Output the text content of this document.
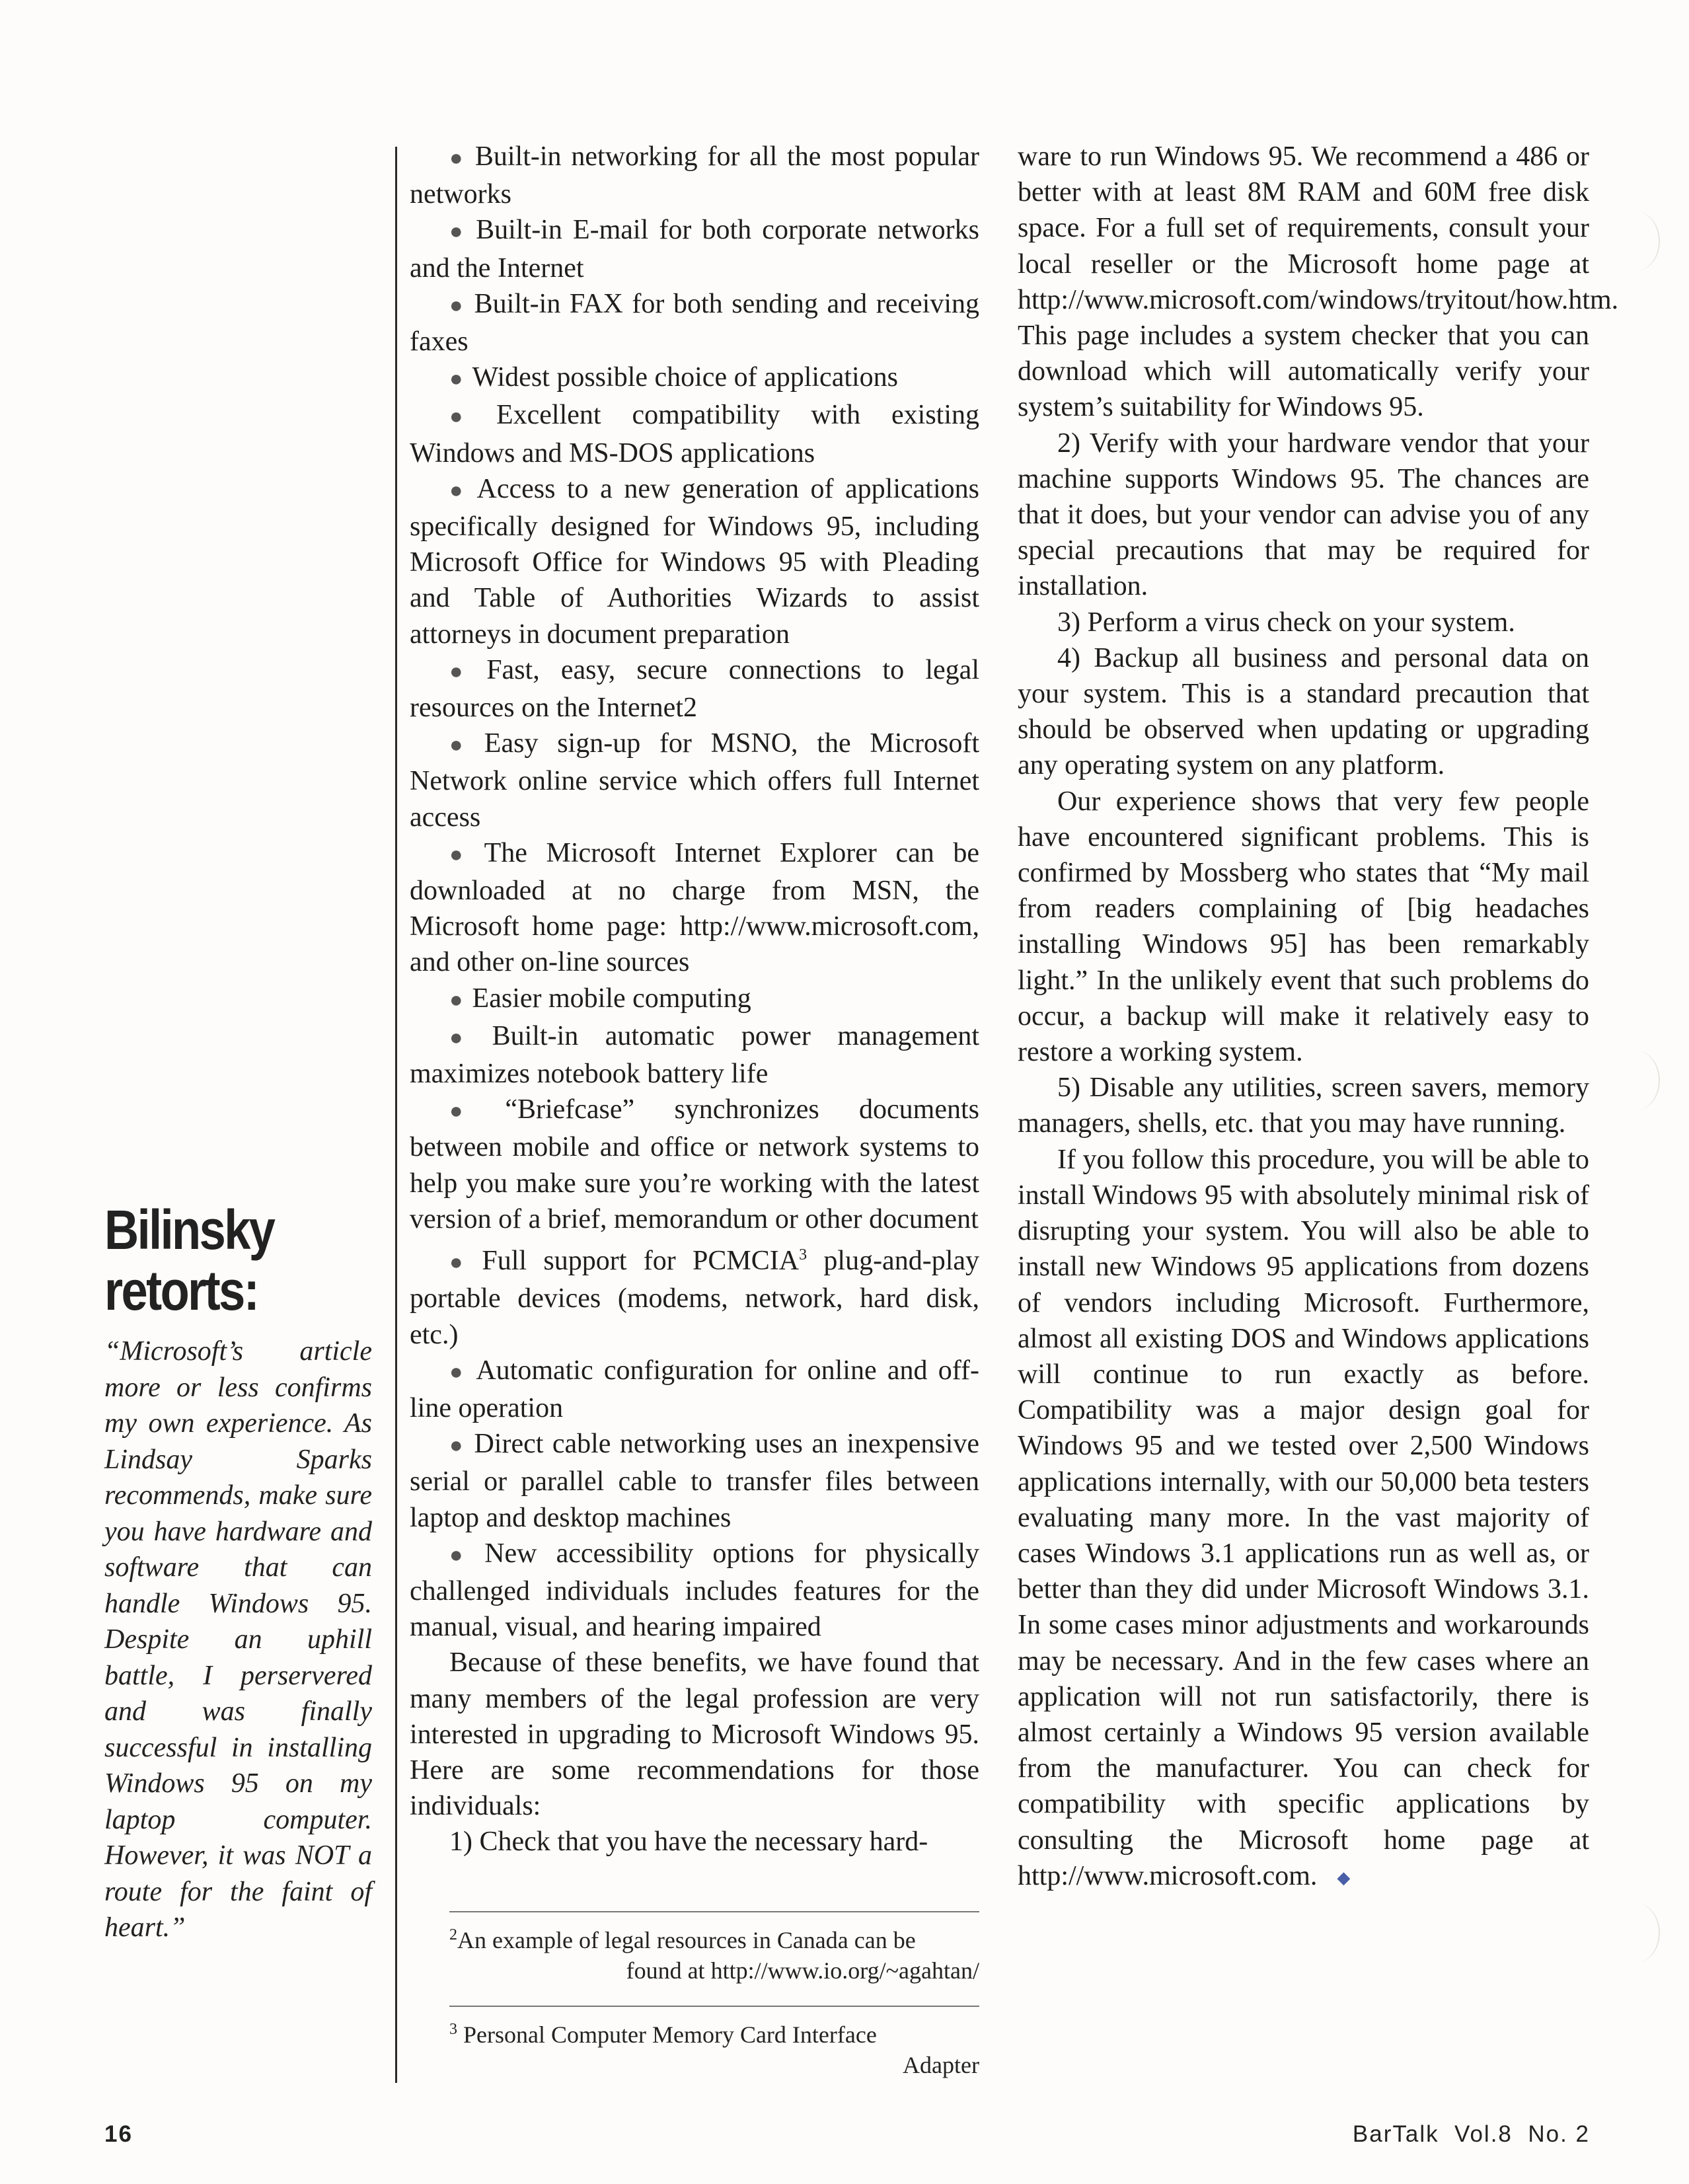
Bilinsky
retorts:
“Microsoft’s article more or less confirms my own experience. As Lindsay Sparks recommends, make sure you have hardware and software that can handle Windows 95. Despite an uphill battle, I perservered and was finally successful in installing Windows 95 on my laptop computer. However, it was NOT a route for the faint of heart.”

● Built-in networking for all the most popular networks

● Built-in E-mail for both corporate networks and the Internet

● Built-in FAX for both sending and receiving faxes

● Widest possible choice of applications

● Excellent compatibility with existing Windows and MS-DOS applications

● Access to a new generation of applications specifically designed for Windows 95, including Microsoft Office for Windows 95 with Pleading and Table of Authorities Wizards to assist attorneys in document preparation

● Fast, easy, secure connections to legal resources on the Internet2

● Easy sign-up for MSNO, the Microsoft Network online service which offers full Internet access

● The Microsoft Internet Explorer can be downloaded at no charge from MSN, the Microsoft home page: http://www.microsoft.com, and other on-line sources

● Easier mobile computing

● Built-in automatic power management maximizes notebook battery life

● “Briefcase” synchronizes documents between mobile and office or network systems to help you make sure you’re working with the latest version of a brief, memorandum or other document

● Full support for PCMCIA$^3$ plug-and-play portable devices (modems, network, hard disk, etc.)

● Automatic configuration for online and off-line operation

● Direct cable networking uses an inexpensive serial or parallel cable to transfer files between laptop and desktop machines

● New accessibility options for physically challenged individuals includes features for the manual, visual, and hearing impaired

Because of these benefits, we have found that many members of the legal profession are very interested in upgrading to Microsoft Windows 95. Here are some recommendations for those individuals:

1) Check that you have the necessary hard-

$^2$An example of legal resources in Canada can be
found at http://www.io.org/~agahtan/
$^3$ Personal Computer Memory Card Interface
Adapter

ware to run Windows 95. We recommend a 486 or better with at least 8M RAM and 60M free disk space. For a full set of requirements, consult your local reseller or the Microsoft home page at http://www.microsoft.com/windows/tryitout/how.htm. This page includes a system checker that you can download which will automatically verify your system’s suitability for Windows 95.

2) Verify with your hardware vendor that your machine supports Windows 95. The chances are that it does, but your vendor can advise you of any special precautions that may be required for installation.

3) Perform a virus check on your system.

4) Backup all business and personal data on your system. This is a standard precaution that should be observed when updating or upgrading any operating system on any platform.

Our experience shows that very few people have encountered significant problems. This is confirmed by Mossberg who states that “My mail from readers complaining of [big headaches installing Windows 95] has been remarkably light.” In the unlikely event that such problems do occur, a backup will make it relatively easy to restore a working system.

5) Disable any utilities, screen savers, memory managers, shells, etc. that you may have running.

If you follow this procedure, you will be able to install Windows 95 with absolutely minimal risk of disrupting your system. You will also be able to install new Windows 95 applications from dozens of vendors including Microsoft. Furthermore, almost all existing DOS and Windows applications will continue to run exactly as before. Compatibility was a major design goal for Windows 95 and we tested over 2,500 Windows applications internally, with our 50,000 beta testers evaluating many more. In the vast majority of cases Windows 3.1 applications run as well as, or better than they did under Microsoft Windows 3.1. In some cases minor adjustments and workarounds may be necessary. And in the few cases where an application will not run satisfactorily, there is almost certainly a Windows 95 version available from the manufacturer. You can check for compatibility with specific applications by consulting the Microsoft home page at http://www.microsoft.com. ◆

16	BarTalk  Vol.8  No. 2
